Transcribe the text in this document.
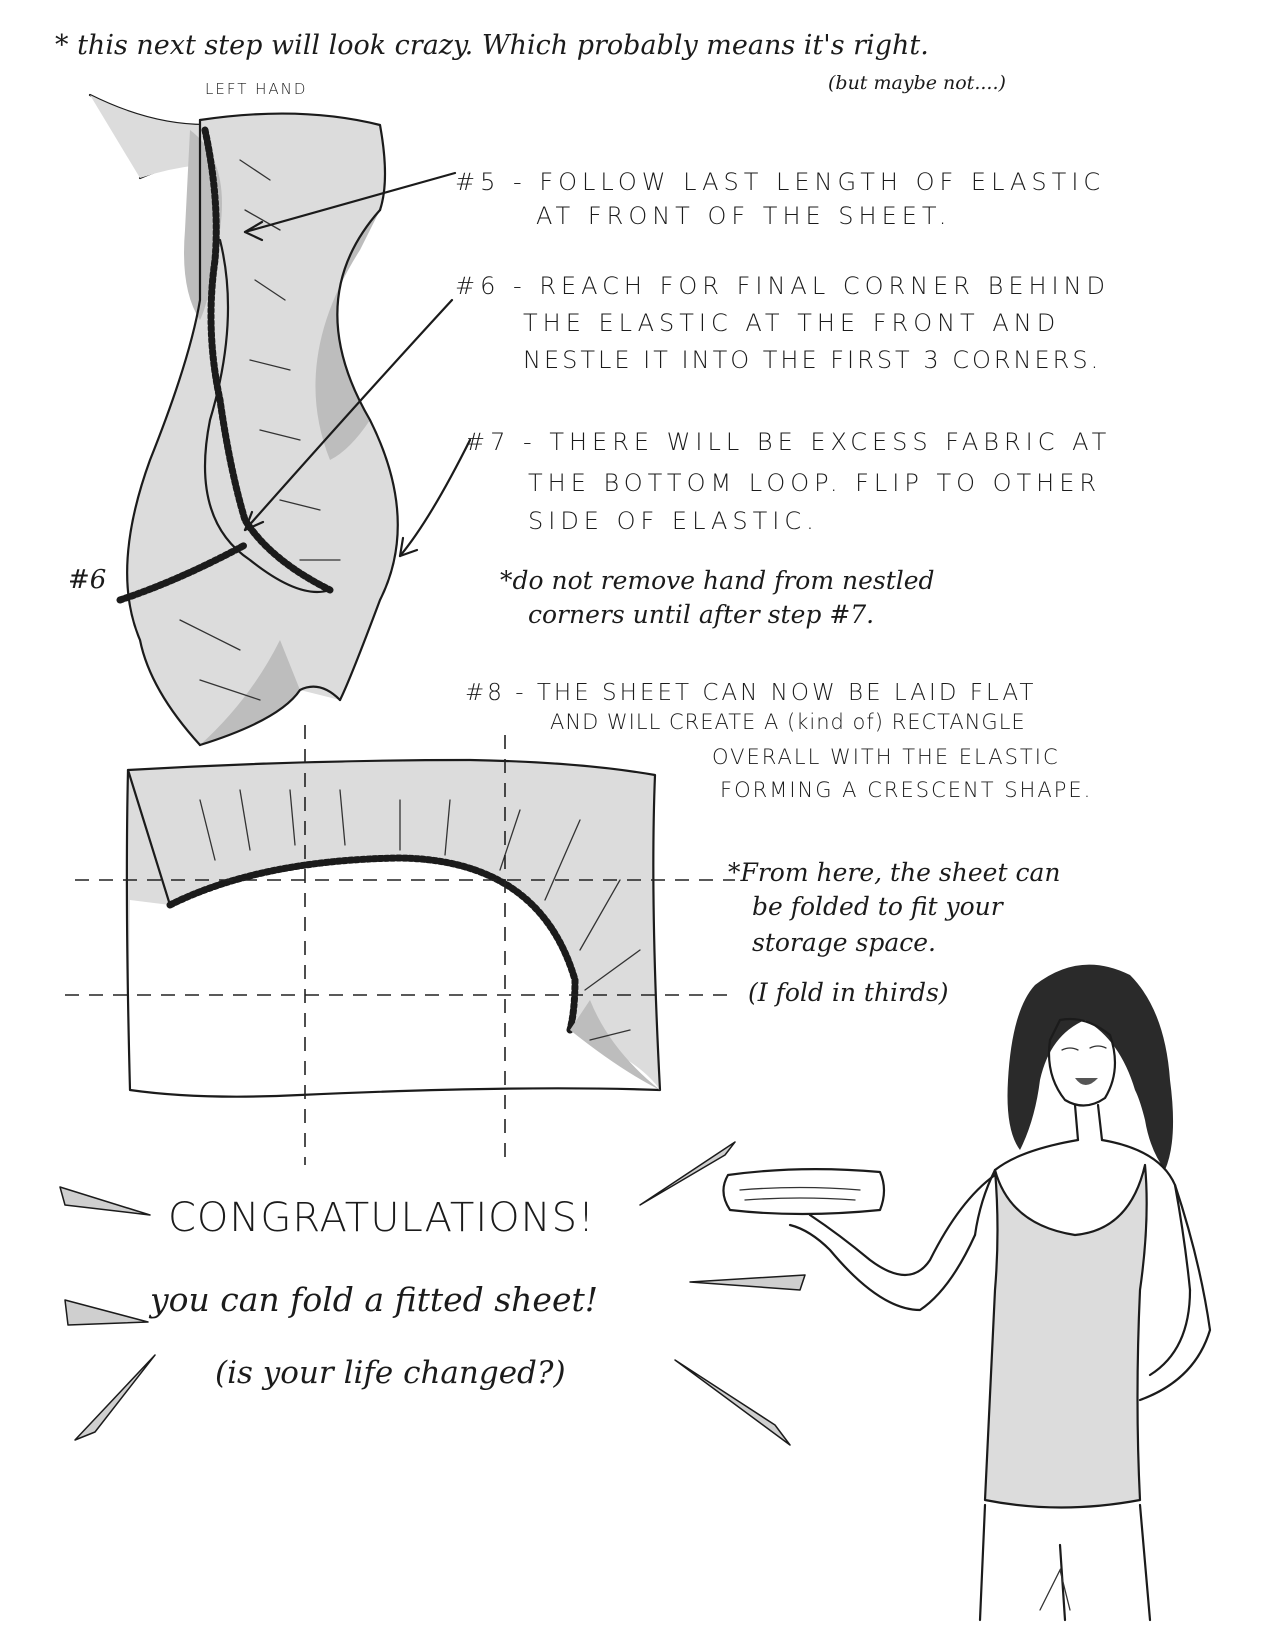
* this next step will look crazy. Which probably means it's right.

(but maybe not....)

LEFT HAND

#6

#5 - FOLLOW LAST LENGTH OF ELASTIC
AT FRONT OF THE SHEET.
#6 - REACH FOR FINAL CORNER BEHIND
THE ELASTIC AT THE FRONT AND
NESTLE IT INTO THE FIRST 3 CORNERS.
#7 - THERE WILL BE EXCESS FABRIC AT
THE BOTTOM LOOP. FLIP TO OTHER
SIDE OF ELASTIC.

*do not remove hand from nestled

corners until after step #7.

#8 - THE SHEET CAN NOW BE LAID FLAT
AND WILL CREATE A (kind of) RECTANGLE
OVERALL WITH THE ELASTIC
FORMING A CRESCENT SHAPE.

*From here, the sheet can

be folded to fit your

storage space.

(I fold in thirds)

CONGRATULATIONS!

you can fold a fitted sheet!

(is your life changed?)
